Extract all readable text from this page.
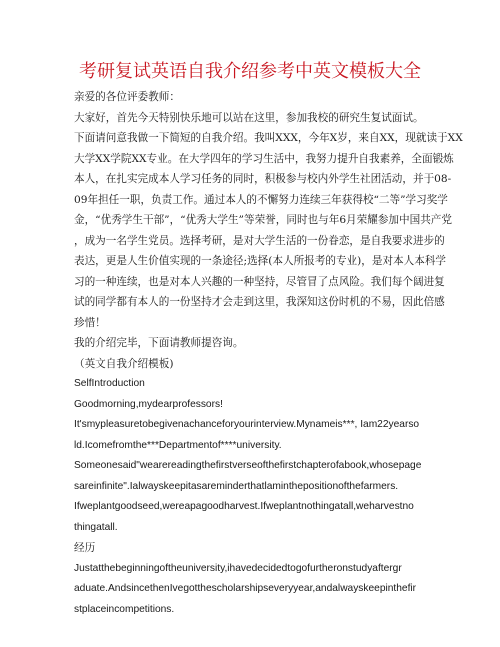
考研复试英语自我介绍参考中英文模板大全

亲爱的各位评委教师：

大家好，首先今天特别快乐地可以站在这里，参加我校的研究生复试面试。

下面请问意我做一下简短的自我介绍。我叫XXX，今年X岁，来自XX，现就读于XX

大学XX学院XX专业。在大学四年的学习生活中，我努力提升自我素养，全面锻炼

本人，在扎实完成本人学习任务的同时，积极参与校内外学生社团活动，并于08-

09年担任一职，负责工作。通过本人的不懈努力连续三年获得校“二等”学习奖学

金，“优秀学生干部”，“优秀大学生”等荣誉，同时也与年6月荣耀参加中国共产党

，成为一名学生党员。选择考研，是对大学生活的一份眷恋，是自我要求进步的

表达，更是人生价值实现的一条途径;选择(本人所报考的专业)，是对本人本科学

习的一种连续，也是对本人兴趣的一种坚持，尽管冒了点风险。我们每个阔进复

试的同学都有本人的一份坚持才会走到这里，我深知这份时机的不易，因此倍感

珍惜！

我的介绍完毕，下面请教师提咨询。

（英文自我介绍模板)

SelfIntroduction

Goodmorning,mydearprofessors!

It'smypleasuretobegivenachanceforyourinterview.Mynameis***, Iam22yearso

ld.Icomefromthe***Departmentof****university.

Someonesaid"wearereadingthefirstverseofthefirstchapterofabook,whosepage

sareinfinite".Ialwayskeepitasareminderthatlaminthepositionofthefarmers.

Ifweplantgoodseed,wereapagoodharvest.Ifweplantnothingatall,weharvestno

thingatall.

经历

Justatthebeginningoftheuniversity,ihavedecidedtogofurtheronstudyaftergr

aduate.AndsincethenIvegotthescholarshipseveryyear,andalwayskeepinthefir

stplaceincompetitions.
